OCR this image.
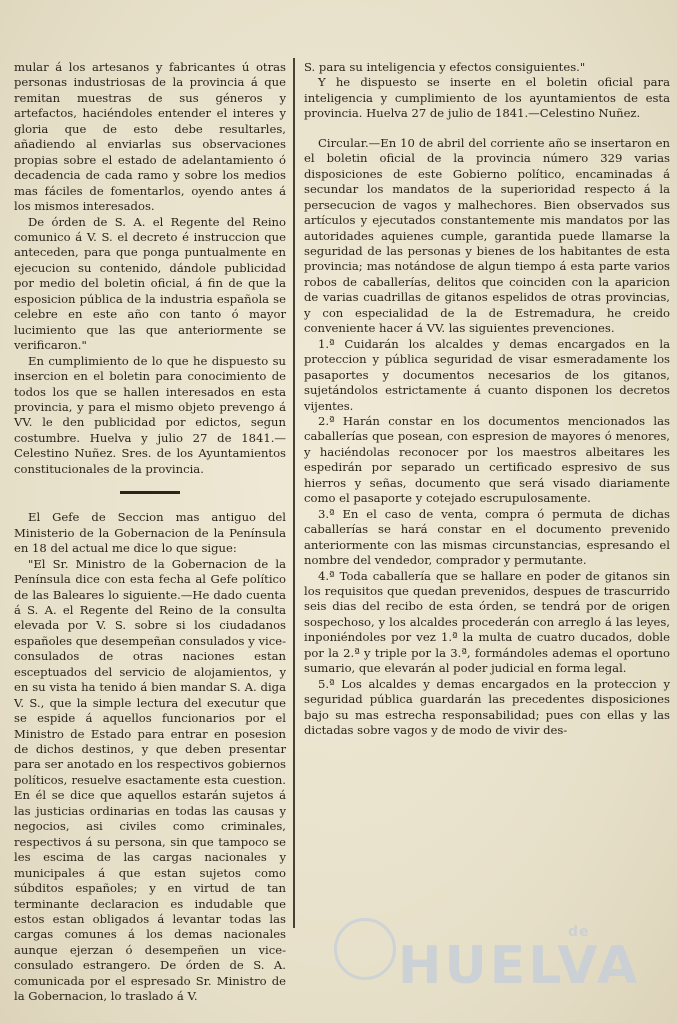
mular á los artesanos y fabricantes ú otras personas industriosas de la provincia á que remitan muestras de sus géneros y artefactos, haciéndoles entender el interes y gloria que de esto debe resultarles, añadiendo al enviarlas sus observaciones propias sobre el estado de adelantamiento ó decadencia de cada ramo y sobre los medios mas fáciles de fomentarlos, oyendo antes á los mismos interesados.

De órden de S. A. el Regente del Reino comunico á V. S. el decreto é instruccion que anteceden, para que ponga puntualmente en ejecucion su contenido, dándole publicidad por medio del boletin oficial, á fin de que la esposicion pública de la industria española se celebre en este año con tanto ó mayor lucimiento que las que anteriormente se verificaron."

En cumplimiento de lo que he dispuesto su insercion en el boletin para conocimiento de todos los que se hallen interesados en esta provincia, y para el mismo objeto prevengo á VV. le den publicidad por edictos, segun costumbre. Huelva y julio 27 de 1841.—Celestino Nuñez. Sres. de los Ayuntamientos constitucionales de la provincia.

El Gefe de Seccion mas antiguo del Ministerio de la Gobernacion de la Península en 18 del actual me dice lo que sigue:

"El Sr. Ministro de la Gobernacion de la Península dice con esta fecha al Gefe político de las Baleares lo siguiente.—He dado cuenta á S. A. el Regente del Reino de la consulta elevada por V. S. sobre si los ciudadanos españoles que desempeñan consulados y vice-consulados de otras naciones estan esceptuados del servicio de alojamientos, y en su vista ha tenido á bien mandar S. A. diga V. S., que la simple lectura del executur que se espide á aquellos funcionarios por el Ministro de Estado para entrar en posesion de dichos destinos, y que deben presentar para ser anotado en los respectivos gobiernos políticos, resuelve esactamente esta cuestion. En él se dice que aquellos estarán sujetos á las justicias ordinarias en todas las causas y negocios, asi civiles como criminales, respectivos á su persona, sin que tampoco se les escima de las cargas nacionales y municipales á que estan sujetos como súbditos españoles; y en virtud de tan terminante declaracion es indudable que estos estan obligados á levantar todas las cargas comunes á los demas nacionales aunque ejerzan ó desempeñen un vice-consulado estrangero. De órden de S. A. comunicada por el espresado Sr. Ministro de la Gobernacion, lo traslado á V.

S. para su inteligencia y efectos consiguientes."

Y he dispuesto se inserte en el boletin oficial para inteligencia y cumplimiento de los ayuntamientos de esta provincia. Huelva 27 de julio de 1841.—Celestino Nuñez.

Circular.—En 10 de abril del corriente año se insertaron en el boletin oficial de la provincia número 329 varias disposiciones de este Gobierno político, encaminadas á secundar los mandatos de la superioridad respecto á la persecucion de vagos y malhechores. Bien observados sus artículos y ejecutados constantemente mis mandatos por las autoridades aquienes cumple, garantida puede llamarse la seguridad de las personas y bienes de los habitantes de esta provincia; mas notándose de algun tiempo á esta parte varios robos de caballerías, delitos que coinciden con la aparicion de varias cuadrillas de gitanos espelidos de otras provincias, y con especialidad de la de Estremadura, he creido conveniente hacer á VV. las siguientes prevenciones.

1.ª Cuidarán los alcaldes y demas encargados en la proteccion y pública seguridad de visar esmeradamente los pasaportes y documentos necesarios de los gitanos, sujetándolos estrictamente á cuanto disponen los decretos vijentes.

2.ª Harán constar en los documentos mencionados las caballerías que posean, con espresion de mayores ó menores, y haciéndolas reconocer por los maestros albeitares les espedirán por separado un certificado espresivo de sus hierros y señas, documento que será visado diariamente como el pasaporte y cotejado escrupulosamente.

3.ª En el caso de venta, compra ó permuta de dichas caballerías se hará constar en el documento prevenido anteriormente con las mismas circunstancias, espresando el nombre del vendedor, comprador y permutante.

4.ª Toda caballería que se hallare en poder de gitanos sin los requisitos que quedan prevenidos, despues de trascurrido seis dias del recibo de esta órden, se tendrá por de origen sospechoso, y los alcaldes procederán con arreglo á las leyes, inponiéndoles por vez 1.ª la multa de cuatro ducados, doble por la 2.ª y triple por la 3.ª, formándoles ademas el oportuno sumario, que elevarán al poder judicial en forma legal.

5.ª Los alcaldes y demas encargados en la proteccion y seguridad pública guardarán las precedentes disposiciones bajo su mas estrecha responsabilidad; pues con ellas y las dictadas sobre vagos y de modo de vivir des-

de
HUELVA
